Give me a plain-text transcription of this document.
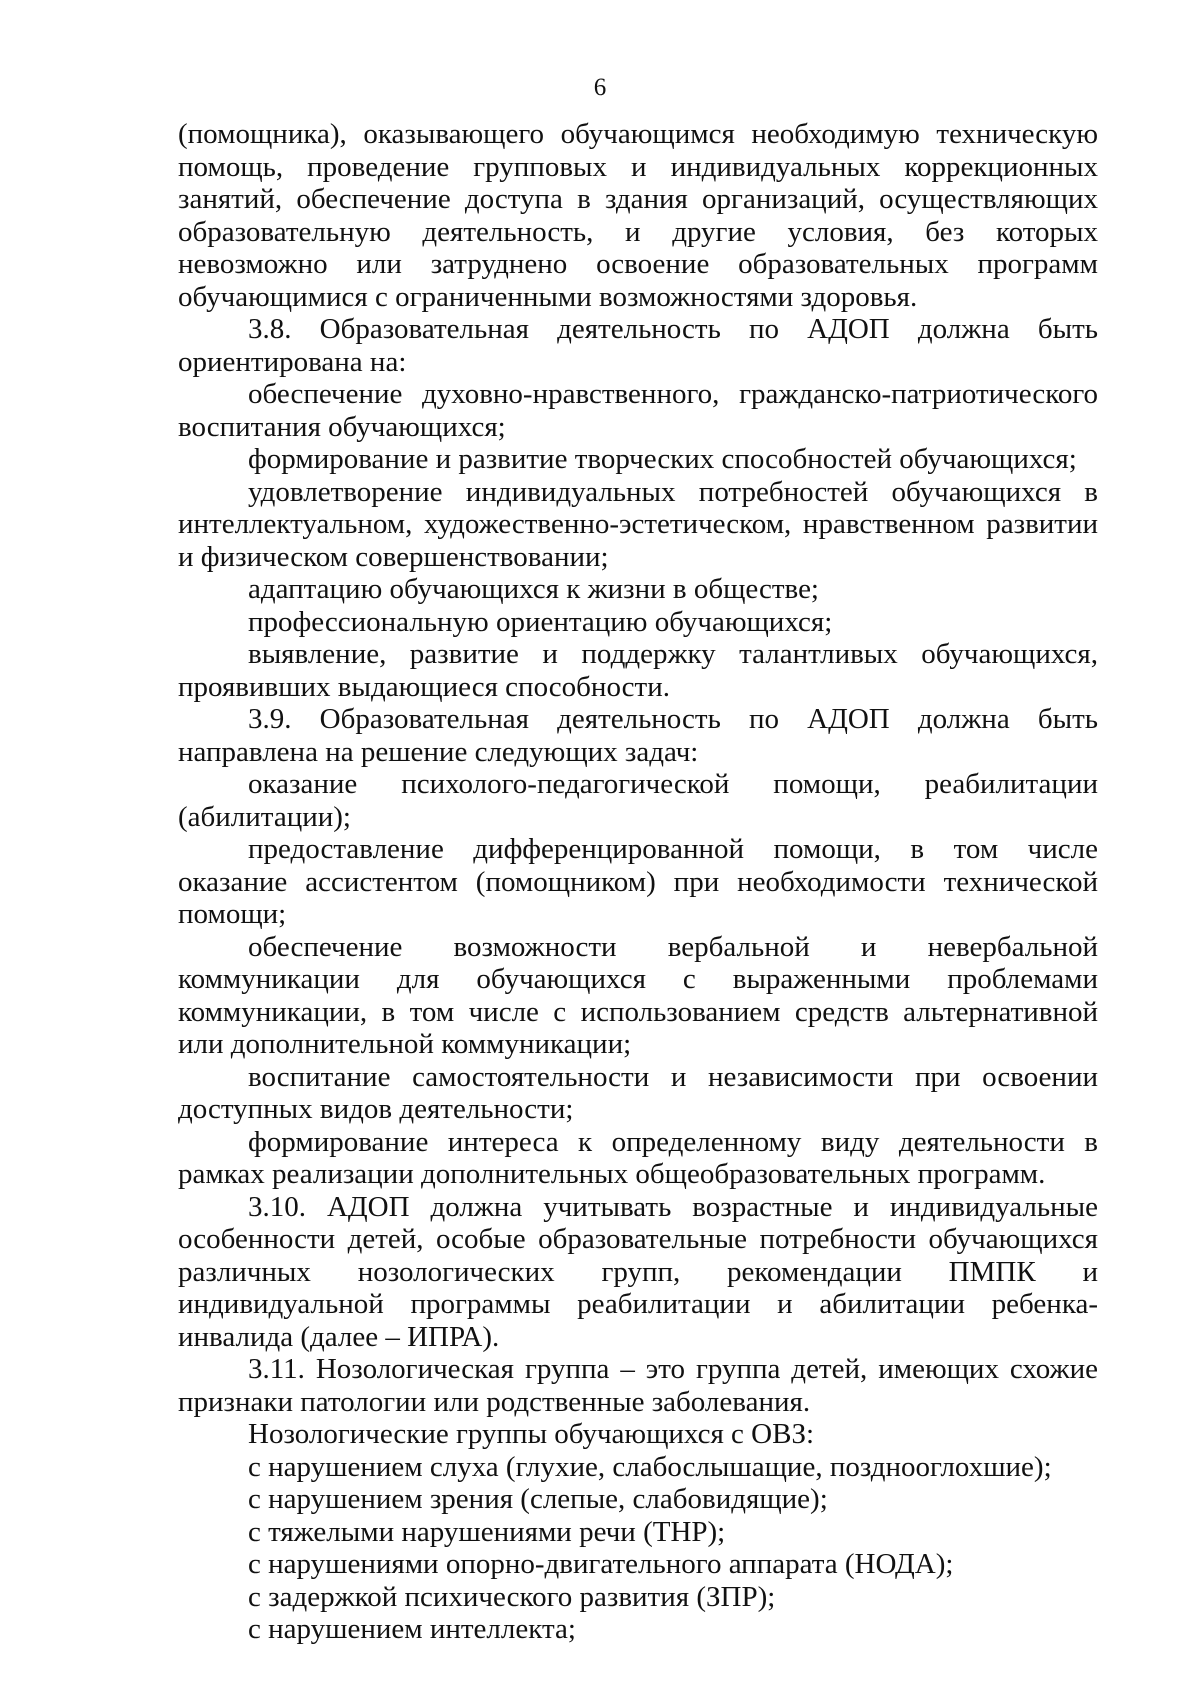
6

(помощника), оказывающего обучающимся необходимую техническую помощь, проведение групповых и индивидуальных коррекционных занятий, обеспечение доступа в здания организаций, осуществляющих образовательную деятельность, и другие условия, без которых невозможно или затруднено освоение образовательных программ обучающимися с ограниченными возможностями здоровья.

3.8. Образовательная деятельность по АДОП должна быть ориентирована на:

обеспечение духовно-нравственного, гражданско-патриотического воспитания обучающихся;

формирование и развитие творческих способностей обучающихся;

удовлетворение индивидуальных потребностей обучающихся в интеллектуальном, художественно-эстетическом, нравственном развитии и физическом совершенствовании;

адаптацию обучающихся к жизни в обществе;

профессиональную ориентацию обучающихся;

выявление, развитие и поддержку талантливых обучающихся, проявивших выдающиеся способности.

3.9. Образовательная деятельность по АДОП должна быть направлена на решение следующих задач:

оказание психолого-педагогической помощи, реабилитации (абилитации);

предоставление дифференцированной помощи, в том числе оказание ассистентом (помощником) при необходимости технической помощи;

обеспечение возможности вербальной и невербальной коммуникации для обучающихся с выраженными проблемами коммуникации, в том числе с использованием средств альтернативной или дополнительной коммуникации;

воспитание самостоятельности и независимости при освоении доступных видов деятельности;

формирование интереса к определенному виду деятельности в рамках реализации дополнительных общеобразовательных программ.

3.10. АДОП должна учитывать возрастные и индивидуальные особенности детей, особые образовательные потребности обучающихся различных нозологических групп, рекомендации ПМПК и индивидуальной программы реабилитации и абилитации ребенка-инвалида (далее – ИПРА).

3.11. Нозологическая группа – это группа детей, имеющих схожие признаки патологии или родственные заболевания.

Нозологические группы обучающихся с ОВЗ:

с нарушением слуха (глухие, слабослышащие, позднооглохшие);

с нарушением зрения (слепые, слабовидящие);

с тяжелыми нарушениями речи (ТНР);

с нарушениями опорно-двигательного аппарата (НОДА);

с задержкой психического развития (ЗПР);

с нарушением интеллекта;
